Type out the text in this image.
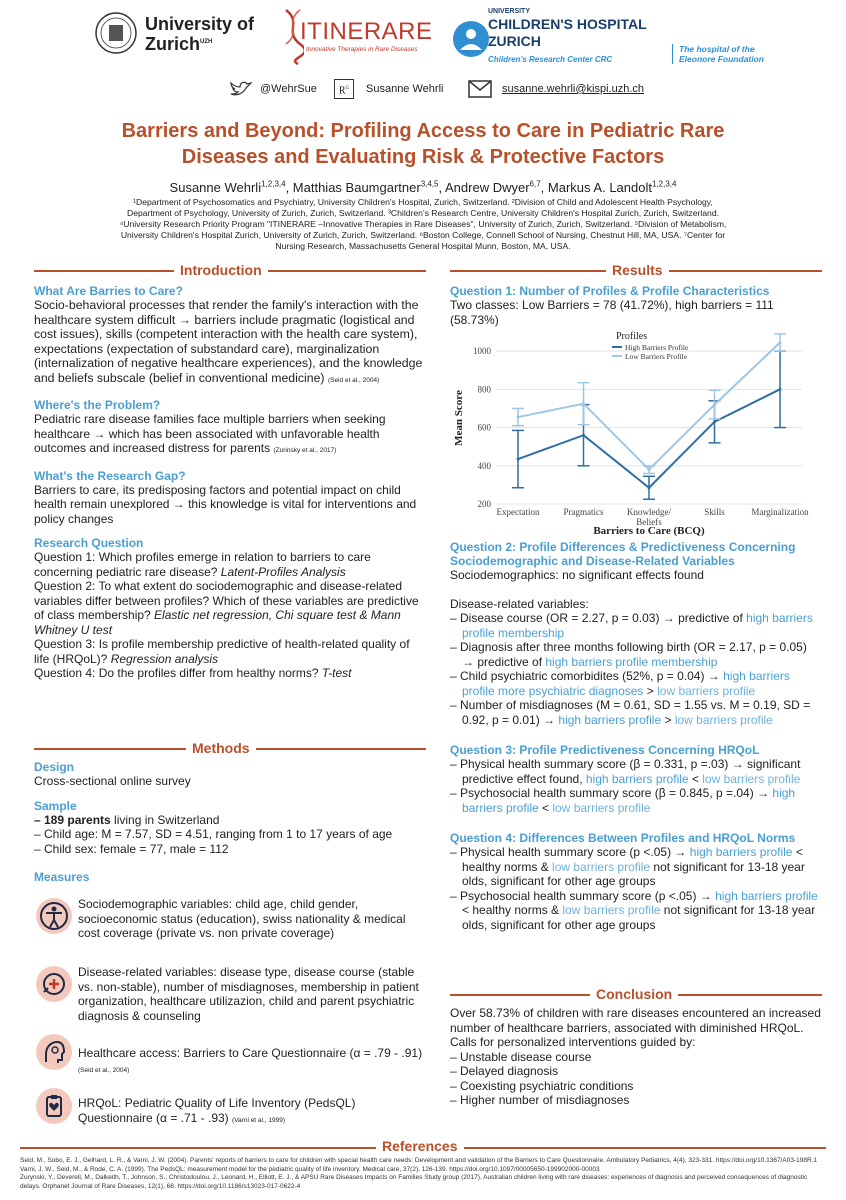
University of
Zurich$^{UZH}$	ITINERARE
Innovative Therapies in Rare Diseases
UNIVERSITY
CHILDREN'S HOSPITAL
ZURICH
Children's Research Center CRC
The hospital of the
Eleonore Foundation
@WehrSue	$R^G$	Susanne Wehrli	susanne.wehrli@kispi.uzh.ch
Barriers and Beyond: Profiling Access to Care in Pediatric Rare
Diseases and Evaluating Risk & Protective Factors
Susanne Wehrli$^{1,2,3,4}$, Matthias Baumgartner$^{3,4,5}$, Andrew Dwyer$^{6,7}$, Markus A. Landolt$^{1,2,3,4}$
¹Department of Psychosomatics and Psychiatry, University Children's Hospital, Zurich, Switzerland. ²Division of Child and Adolescent Health Psychology,
Department of Psychology, University of Zurich, Zurich, Switzerland. ³Children's Research Centre, University Children's Hospital Zurich, Zurich, Switzerland.
⁴University Research Priority Program "ITINERARE –Innovative Therapies in Rare Diseases", University of Zurich, Zurich, Switzerland. ⁵Division of Metabolism,
University Children's Hospital Zurich, University of Zurich, Zurich, Switzerland. ⁶Boston College, Connell School of Nursing, Chestnut Hill, MA, USA. ⁷Center for
Nursing Research, Massachusetts General Hospital Munn, Boston, MA, USA.
Introduction
What Are Barries to Care?
Socio-behavioral processes that render the family's interaction with the healthcare system difficult → barriers include pragmatic (logistical and cost issues), skills (competent interaction with the health care system), expectations (expectation of substandard care), marginalization (internalization of negative healthcare experiences), and the knowledge and beliefs subscale (belief in conventional medicine) (Seid et al., 2004)
Where's the Problem?
Pediatric rare disease families face multiple barriers when seeking healthcare → which has been associated with unfavorable health outcomes and increased distress for parents (Zurinsky et al., 2017)
What's the Research Gap?
Barriers to care, its predisposing factors and potential impact on child health remain unexplored → this knowledge is vital for interventions and policy changes
Research Question
Question 1: Which profiles emerge in relation to barriers to care concerning pediatric rare disease? Latent-Profiles Analysis
Question 2: To what extent do sociodemographic and disease-related variables differ between profiles? Which of these variables are predictive of class membership? Elastic net regression, Chi square test & Mann Whitney U test
Question 3: Is profile membership predictive of health-related quality of life (HRQoL)? Regression analysis
Question 4: Do the profiles differ from healthy norms? T-test
Methods
Design
Cross-sectional online survey
Sample
– 189 parents living in Switzerland
– Child age: M = 7.57, SD = 4.51, ranging from 1 to 17 years of age
– Child sex: female = 77, male = 112
Measures
Sociodemographic variables: child age, child gender, socioeconomic status (education), swiss nationality & medical cost coverage (private vs. non private coverage)
Disease-related variables: disease type, disease course (stable vs. non-stable), number of misdiagnoses, membership in patient organization, healthcare utilizazion, child and parent psychiatric diagnosis & counseling
Healthcare access: Barriers to Care Questionnaire (α = .79 - .91) (Seid et al., 2004)
HRQoL: Pediatric Quality of Life Inventory (PedsQL) Questionnaire (α = .71 - .93) (Varni et al., 1999)
Results
Question 1: Number of Profiles & Profile Characteristics
Two classes: Low Barriers = 78 (41.72%), high barriers = 111 (58.73%)
200
400
600
800
1000
Expectation	Pragmatics	Knowledge/
Beliefs
Skills	Marginalization
Barriers to Care (BCQ)
Mean Score
Profiles
High Barriers Profile
Low Barriers Profile
Question 2: Profile Differences & Predictiveness Concerning Sociodemographic and Disease-Related Variables
Sociodemographics: no significant effects found
Disease-related variables:
– Disease course (OR = 2.27, p = 0.03) → predictive of high barriers profile membership
– Diagnosis after three months following birth (OR = 2.17, p = 0.05) → predictive of high barriers profile membership
– Child psychiatric comorbidites (52%, p = 0.04) → high barriers profile more psychiatric diagnoses > low barriers profile
– Number of misdiagnoses (M = 0.61, SD = 1.55 vs. M = 0.19, SD = 0.92, p = 0.01) → high barriers profile > low barriers profile
Question 3: Profile Predictiveness Concerning HRQoL
– Physical health summary score (β = 0.331, p =.03) → significant predictive effect found, high barriers profile < low barriers profile
– Psychosocial health summary score (β = 0.845, p =.04) → high barriers profile < low barriers profile
Question 4: Differences Between Profiles and HRQoL Norms
– Physical health summary score (p <.05) → high barriers profile < healthy norms & low barriers profile not significant for 13-18 year olds, significant for other age groups
– Psychosocial health summary score (p <.05) → high barriers profile < healthy norms & low barriers profile not significant for 13-18 year olds, significant for other age groups
Conclusion
Over 58.73% of children with rare diseases encountered an increased number of healthcare barriers, associated with diminished HRQoL. Calls for personalized interventions guided by:
– Unstable disease course
– Delayed diagnosis
– Coexisting psychiatric conditions
– Higher number of misdiagnoses
References
Seid, M., Sobo, E. J., Gelhard, L. R., & Varni, J. W. (2004). Parents' reports of barriers to care for children with special health care needs: Development and validation of the Barriers to Care Questionnaire. Ambulatory Pediatrics, 4(4), 323-331. https://doi.org/10.1367/A03-198R.1
Varni, J. W., Seid, M., & Rode, C. A. (1999). The PedsQL: measurement model for the pediatric quality of life inventory. Medical care, 37(2), 126-139. https://doi.org/10.1097/00005650-199902000-00003
Zurynski, Y., Deverell, M., Dalkeith, T., Johnson, S., Christodoulou, J., Leonard, H., Elliott, E. J., & APSU Rare Diseases Impacts on Families Study group (2017). Australian children living with rare diseases: experiences of diagnosis and perceived consequences of diagnostic delays. Orphanet Journal of Rare Diseases, 12(1), 68. https://doi.org/10.1186/s13023-017-0622-4
